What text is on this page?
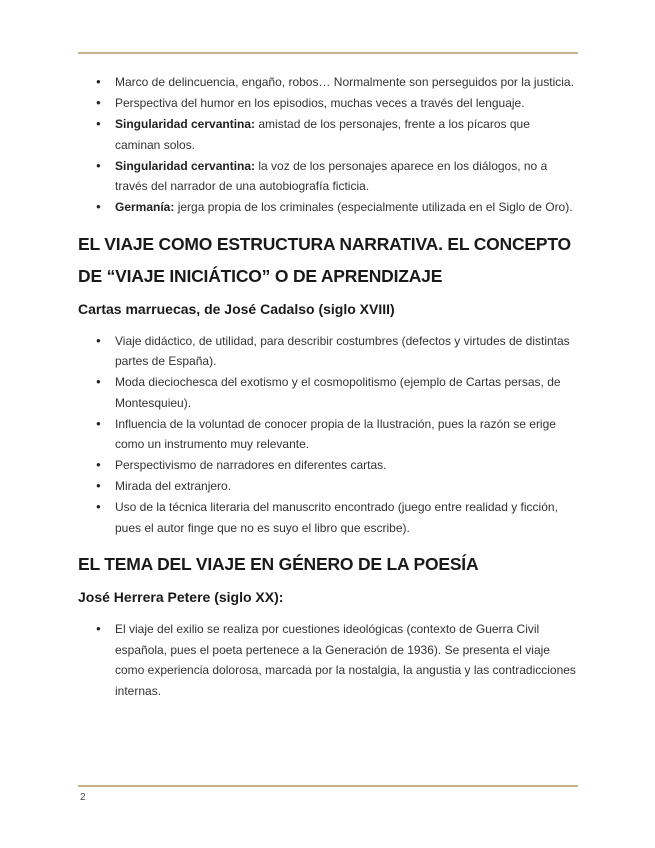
● Marco de delincuencia, engaño, robos… Normalmente son perseguidos por la justicia.
● Perspectiva del humor en los episodios, muchas veces a través del lenguaje.
● Singularidad cervantina: amistad de los personajes, frente a los pícaros que caminan solos.
● Singularidad cervantina: la voz de los personajes aparece en los diálogos, no a través del narrador de una autobiografía ficticia.
● Germanía: jerga propia de los criminales (especialmente utilizada en el Siglo de Oro).
EL VIAJE COMO ESTRUCTURA NARRATIVA. EL CONCEPTO DE “VIAJE INICIÁTICO” O DE APRENDIZAJE
Cartas marruecas, de José Cadalso (siglo XVIII)
● Viaje didáctico, de utilidad, para describir costumbres (defectos y virtudes de distintas partes de España).
● Moda dieciochesca del exotismo y el cosmopolitismo (ejemplo de Cartas persas, de Montesquieu).
● Influencia de la voluntad de conocer propia de la Ilustración, pues la razón se erige como un instrumento muy relevante.
● Perspectivismo de narradores en diferentes cartas.
● Mirada del extranjero.
● Uso de la técnica literaria del manuscrito encontrado (juego entre realidad y ficción, pues el autor finge que no es suyo el libro que escribe).
EL TEMA DEL VIAJE EN GÉNERO DE LA POESÍA
José Herrera Petere (siglo XX):
● El viaje del exilio se realiza por cuestiones ideológicas (contexto de Guerra Civil española, pues el poeta pertenece a la Generación de 1936). Se presenta el viaje como experiencia dolorosa, marcada por la nostalgia, la angustia y las contradicciones internas.
2
